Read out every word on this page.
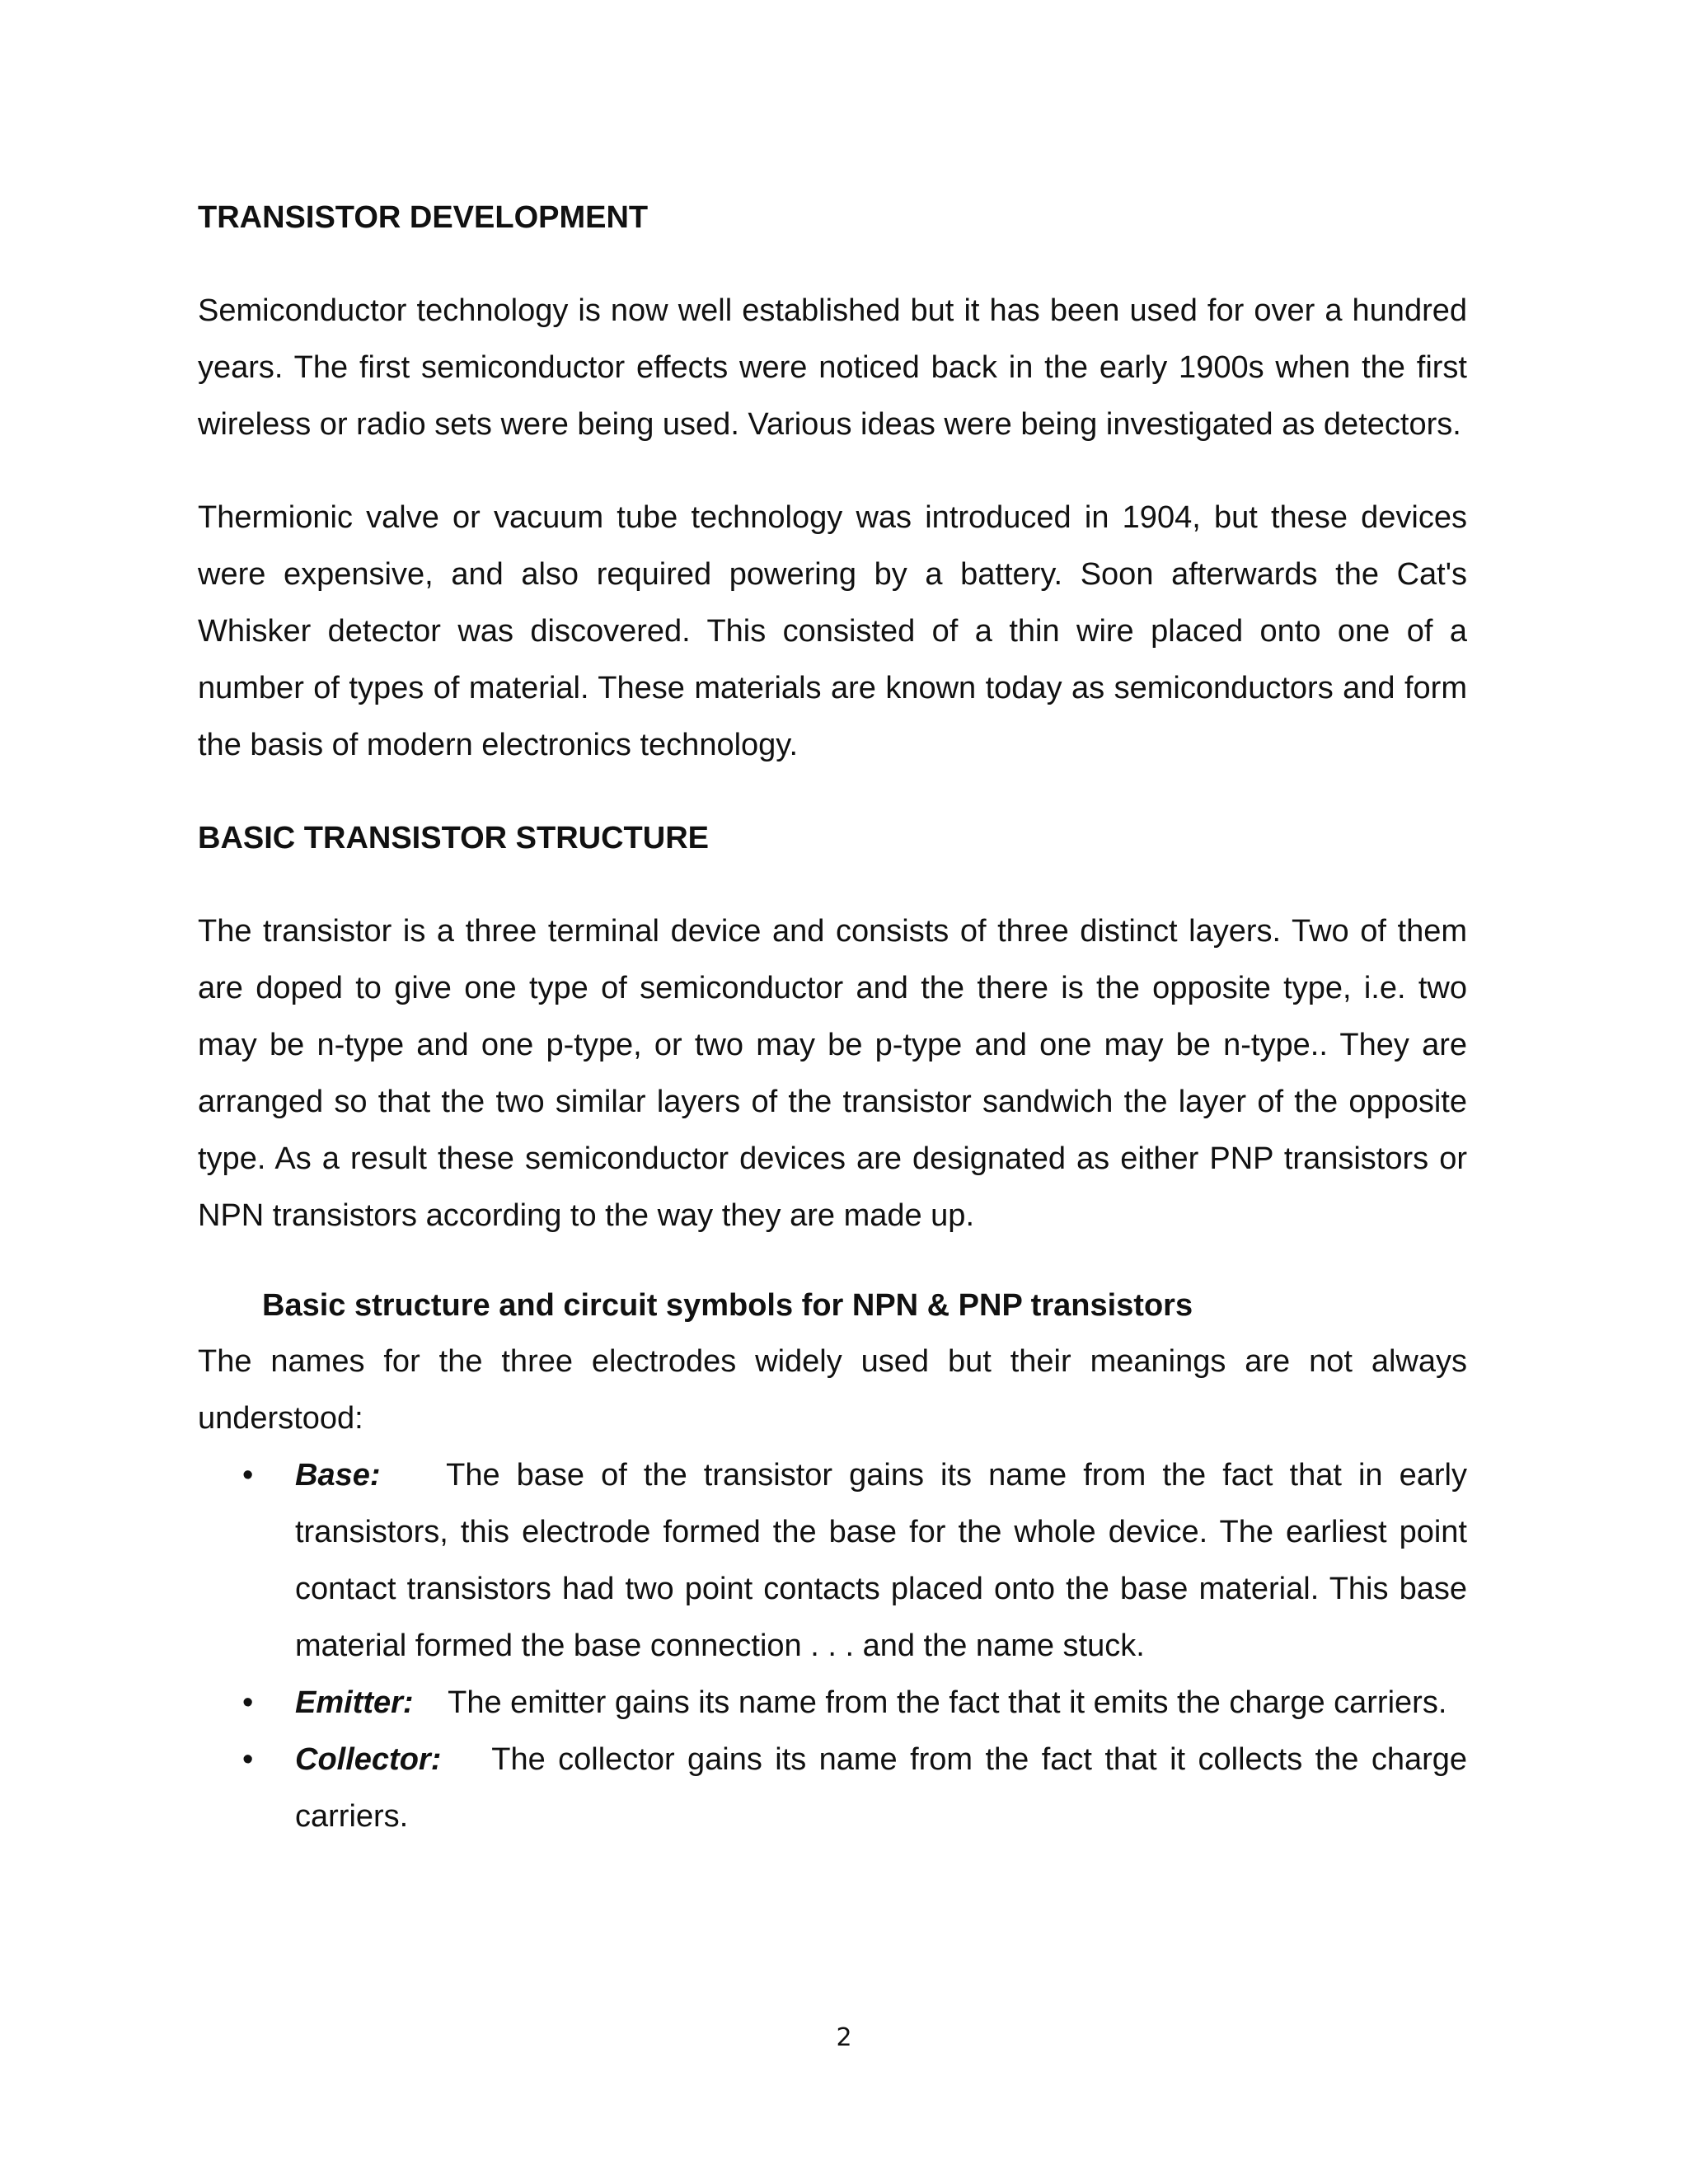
TRANSISTOR DEVELOPMENT

Semiconductor technology is now well established but it has been used for over a hundred years. The first semiconductor effects were noticed back in the early 1900s when the first wireless or radio sets were being used. Various ideas were being investigated as detectors.

Thermionic valve or vacuum tube technology was introduced in 1904, but these devices were expensive, and also required powering by a battery. Soon afterwards the Cat's Whisker detector was discovered. This consisted of a thin wire placed onto one of a number of types of material. These materials are known today as semiconductors and form the basis of modern electronics technology.

BASIC TRANSISTOR STRUCTURE

The transistor is a three terminal device and consists of three distinct layers. Two of them are doped to give one type of semiconductor and the there is the opposite type, i.e. two may be n-type and one p-type, or two may be p-type and one may be n-type.. They are arranged so that the two similar layers of the transistor sandwich the layer of the opposite type. As a result these semiconductor devices are designated as either PNP transistors or NPN transistors according to the way they are made up.

Basic structure and circuit symbols for NPN & PNP transistors

The names for the three electrodes widely used but their meanings are not always understood:

• Base: The base of the transistor gains its name from the fact that in early transistors, this electrode formed the base for the whole device. The earliest point contact transistors had two point contacts placed onto the base material. This base material formed the base connection . . . and the name stuck.
• Emitter: The emitter gains its name from the fact that it emits the charge carriers.
• Collector: The collector gains its name from the fact that it collects the charge carriers.
2
